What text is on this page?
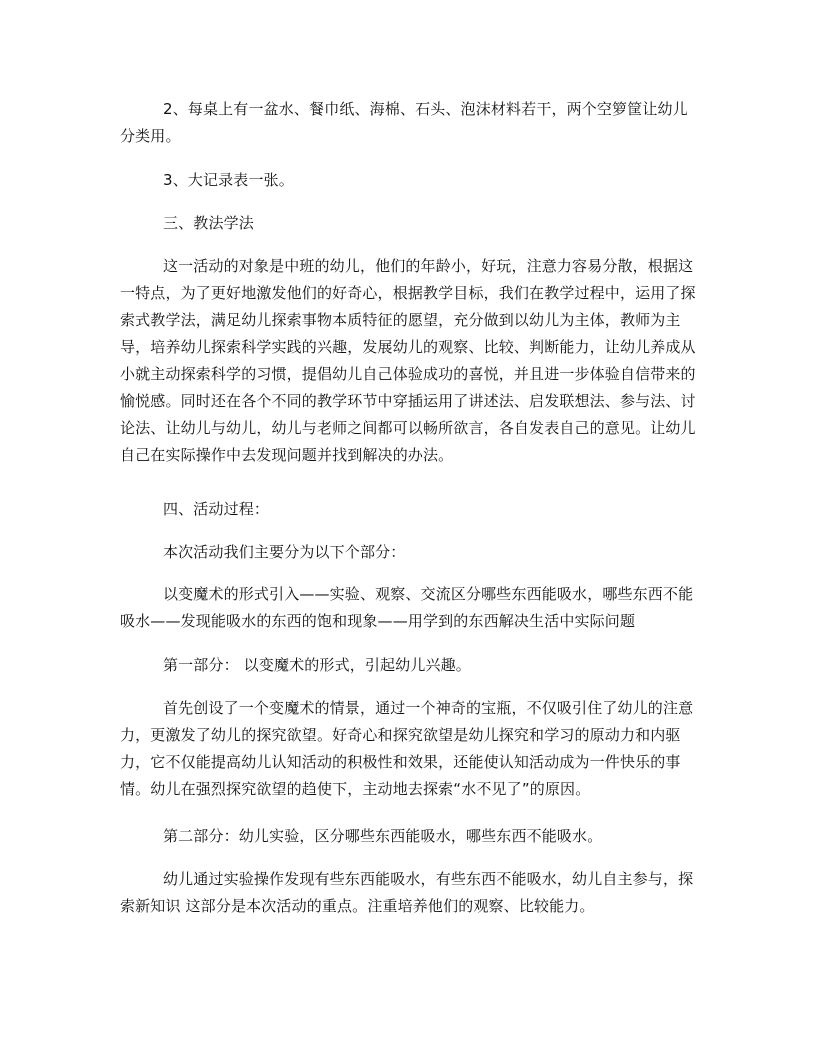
2、每桌上有一盆水、餐巾纸、海棉、石头、泡沫材料若干，两个空箩筐让幼儿分类用。

3、大记录表一张。

三、教法学法

这一活动的对象是中班的幼儿，他们的年龄小，好玩，注意力容易分散，根据这一特点，为了更好地激发他们的好奇心，根据教学目标，我们在教学过程中，运用了探索式教学法，满足幼儿探索事物本质特征的愿望，充分做到以幼儿为主体，教师为主导，培养幼儿探索科学实践的兴趣，发展幼儿的观察、比较、判断能力，让幼儿养成从小就主动探索科学的习惯，提倡幼儿自己体验成功的喜悦，并且进一步体验自信带来的愉悦感。同时还在各个不同的教学环节中穿插运用了讲述法、启发联想法、参与法、讨论法、让幼儿与幼儿，幼儿与老师之间都可以畅所欲言，各自发表自己的意见。让幼儿自己在实际操作中去发现问题并找到解决的办法。

四、活动过程：

本次活动我们主要分为以下个部分：

以变魔术的形式引入——实验、观察、交流区分哪些东西能吸水，哪些东西不能吸水——发现能吸水的东西的饱和现象——用学到的东西解决生活中实际问题

第一部分： 以变魔术的形式，引起幼儿兴趣。

首先创设了一个变魔术的情景，通过一个神奇的宝瓶，不仅吸引住了幼儿的注意力，更激发了幼儿的探究欲望。好奇心和探究欲望是幼儿探究和学习的原动力和内驱力，它不仅能提高幼儿认知活动的积极性和效果，还能使认知活动成为一件快乐的事情。幼儿在强烈探究欲望的趋使下，主动地去探索“水不见了”的原因。

第二部分：幼儿实验，区分哪些东西能吸水，哪些东西不能吸水。

幼儿通过实验操作发现有些东西能吸水，有些东西不能吸水，幼儿自主参与，探索新知识 这部分是本次活动的重点。注重培养他们的观察、比较能力。
